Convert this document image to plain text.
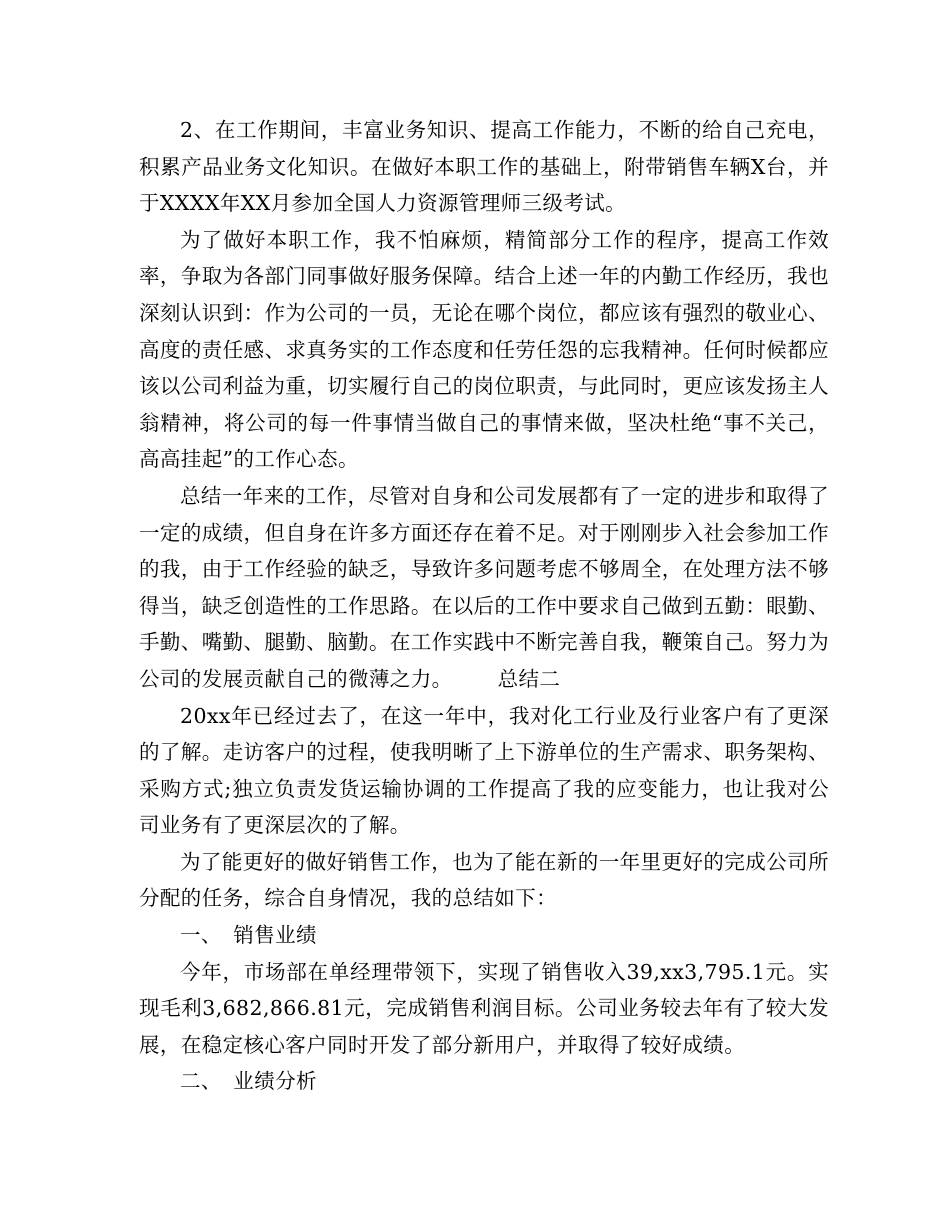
2、在工作期间，丰富业务知识、提高工作能力，不断的给自己充电，积累产品业务文化知识。在做好本职工作的基础上，附带销售车辆X台，并于XXXX年XX月参加全国人力资源管理师三级考试。

为了做好本职工作，我不怕麻烦，精简部分工作的程序，提高工作效率，争取为各部门同事做好服务保障。结合上述一年的内勤工作经历，我也深刻认识到：作为公司的一员，无论在哪个岗位，都应该有强烈的敬业心、高度的责任感、求真务实的工作态度和任劳任怨的忘我精神。任何时候都应该以公司利益为重，切实履行自己的岗位职责，与此同时，更应该发扬主人翁精神，将公司的每一件事情当做自己的事情来做，坚决杜绝“事不关己，高高挂起”的工作心态。

总结一年来的工作，尽管对自身和公司发展都有了一定的进步和取得了一定的成绩，但自身在许多方面还存在着不足。对于刚刚步入社会参加工作的我，由于工作经验的缺乏，导致许多问题考虑不够周全，在处理方法不够得当，缺乏创造性的工作思路。在以后的工作中要求自己做到五勤：眼勤、手勤、嘴勤、腿勤、脑勤。在工作实践中不断完善自我，鞭策自己。努力为公司的发展贡献自己的微薄之力。 总结二

20xx年已经过去了，在这一年中，我对化工行业及行业客户有了更深的了解。走访客户的过程，使我明晰了上下游单位的生产需求、职务架构、采购方式;独立负责发货运输协调的工作提高了我的应变能力，也让我对公司业务有了更深层次的了解。

为了能更好的做好销售工作，也为了能在新的一年里更好的完成公司所分配的任务，综合自身情况，我的总结如下：

一、 销售业绩

今年，市场部在单经理带领下，实现了销售收入39,xx3,795.1元。实现毛利3,682,866.81元，完成销售利润目标。公司业务较去年有了较大发展，在稳定核心客户同时开发了部分新用户，并取得了较好成绩。

二、 业绩分析
